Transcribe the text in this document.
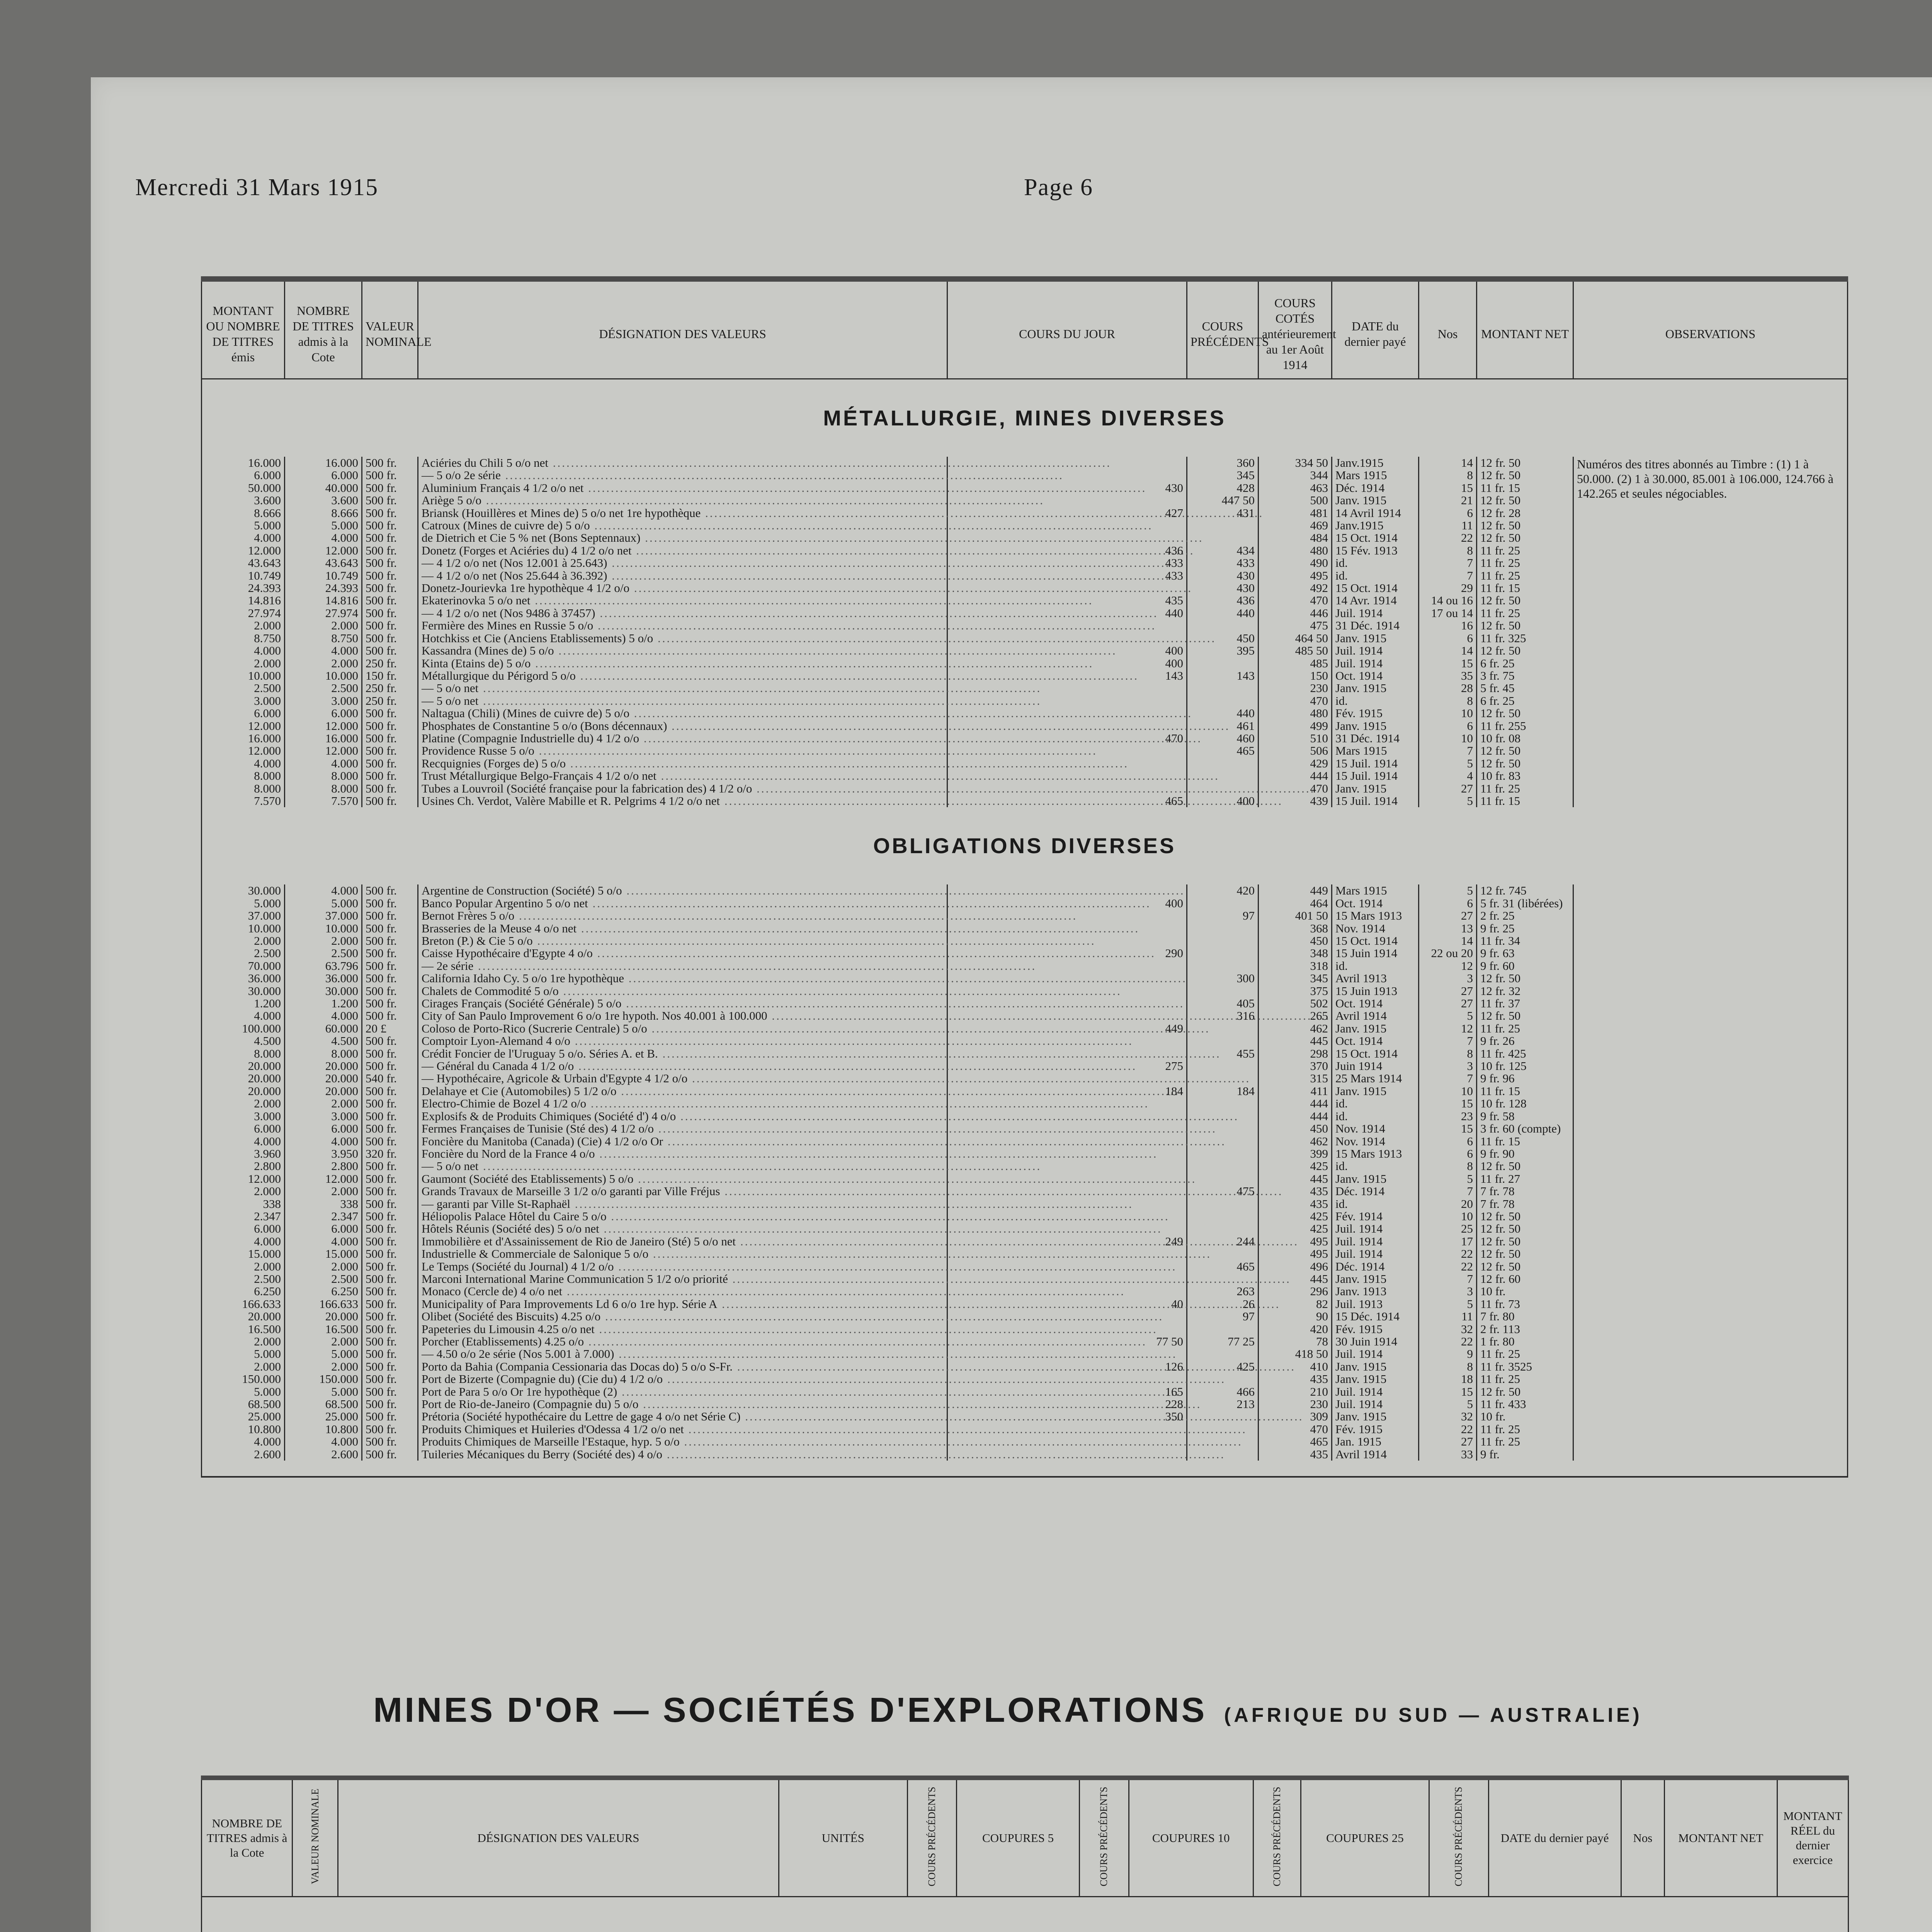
Mercredi 31 Mars 1915	Page 6
MONTANT OU NOMBRE DE TITRES émis	NOMBRE DE TITRES admis à la Cote	VALEUR NOMINALE	DÉSIGNATION DES VALEURS	COURS DU JOUR	COURS PRÉCÉDENTS	COURS COTÉS antérieurement au 1er Août 1914	DATE du dernier payé	Nos	MONTANT NET	OBSERVATIONS
MÉTALLURGIE, MINES DIVERSES										
16.000	16.000	500 fr.	Aciéries du Chili 5 o/o net .....		360	334 50	Janv.1915	14	12 fr. 50	Numéros des titres abonnés au Timbre : (1) 1 à 50.000. (2) 1 à 30.000, 85.001 à 106.000, 124.766 à 142.265 et seules négociables.
6.000	6.000	500 fr.	— 5 o/o 2e série .....		345	344	Mars 1915	8	12 fr. 50	
50.000	40.000	500 fr.	Aluminium Français 4 1/2 o/o net .....	430	428	463	Déc. 1914	15	11 fr. 15	
3.600	3.600	500 fr.	Ariège 5 o/o .....		447 50	500	Janv. 1915	21	12 fr. 50	
8.666	8.666	500 fr.	Briansk (Houillères et Mines de) 5 o/o net 1re hypothèque .....	427	431	481	14 Avril 1914	6	12 fr. 28	
5.000	5.000	500 fr.	Catroux (Mines de cuivre de) 5 o/o .....			469	Janv.1915	11	12 fr. 50	
4.000	4.000	500 fr.	de Dietrich et Cie 5 % net (Bons Septennaux) .....			484	15 Oct. 1914	22	12 fr. 50	
12.000	12.000	500 fr.	Donetz (Forges et Aciéries du) 4 1/2 o/o net .....	436	434	480	15 Fév. 1913	8	11 fr. 25	
43.643	43.643	500 fr.	— 4 1/2 o/o net (Nos 12.001 à 25.643) .....	433	433	490	id.	7	11 fr. 25	
10.749	10.749	500 fr.	— 4 1/2 o/o net (Nos 25.644 à 36.392) .....	433	430	495	id.	7	11 fr. 25	
24.393	24.393	500 fr.	Donetz-Jourievka 1re hypothèque 4 1/2 o/o .....		430	492	15 Oct. 1914	29	11 fr. 15	
14.816	14.816	500 fr.	Ekaterinovka 5 o/o net .....	435	436	470	14 Avr. 1914	14 ou 16	12 fr. 50	
27.974	27.974	500 fr.	— 4 1/2 o/o net (Nos 9486 à 37457) .....	440	440	446	Juil. 1914	17 ou 14	11 fr. 25	
2.000	2.000	500 fr.	Fermière des Mines en Russie 5 o/o .....			475	31 Déc. 1914	16	12 fr. 50	
8.750	8.750	500 fr.	Hotchkiss et Cie (Anciens Etablissements) 5 o/o .....		450	464 50	Janv. 1915	6	11 fr. 325	
4.000	4.000	500 fr.	Kassandra (Mines de) 5 o/o .....	400	395	485 50	Juil. 1914	14	12 fr. 50	
2.000	2.000	250 fr.	Kinta (Etains de) 5 o/o .....	400		485	Juil. 1914	15	6 fr. 25	
10.000	10.000	150 fr.	Métallurgique du Périgord 5 o/o .....	143	143	150	Oct. 1914	35	3 fr. 75	
2.500	2.500	250 fr.	— 5 o/o net .....			230	Janv. 1915	28	5 fr. 45	
3.000	3.000	250 fr.	— 5 o/o net .....			470	id.	8	6 fr. 25	
6.000	6.000	500 fr.	Naltagua (Chili) (Mines de cuivre de) 5 o/o .....		440	480	Fév. 1915	10	12 fr. 50	
12.000	12.000	500 fr.	Phosphates de Constantine 5 o/o (Bons décennaux) .....		461	499	Janv. 1915	6	11 fr. 255	
16.000	16.000	500 fr.	Platine (Compagnie Industrielle du) 4 1/2 o/o .....	470	460	510	31 Déc. 1914	10	10 fr. 08	
12.000	12.000	500 fr.	Providence Russe 5 o/o .....		465	506	Mars 1915	7	12 fr. 50	
4.000	4.000	500 fr.	Recquignies (Forges de) 5 o/o .....			429	15 Juil. 1914	5	12 fr. 50	
8.000	8.000	500 fr.	Trust Métallurgique Belgo-Français 4 1/2 o/o net .....			444	15 Juil. 1914	4	10 fr. 83	
8.000	8.000	500 fr.	Tubes a Louvroil (Société française pour la fabrication des) 4 1/2 o/o .....			470	Janv. 1915	27	11 fr. 25	
7.570	7.570	500 fr.	Usines Ch. Verdot, Valère Mabille et R. Pelgrims 4 1/2 o/o net .....	465	400	439	15 Juil. 1914	5	11 fr. 15	
OBLIGATIONS DIVERSES										
30.000	4.000	500 fr.	Argentine de Construction (Société) 5 o/o .....		420	449	Mars 1915	5	12 fr. 745	
5.000	5.000	500 fr.	Banco Popular Argentino 5 o/o net .....	400		464	Oct. 1914	6	5 fr. 31 (libérées)	
37.000	37.000	500 fr.	Bernot Frères 5 o/o .....		97	401 50	15 Mars 1913	27	2 fr. 25	
10.000	10.000	500 fr.	Brasseries de la Meuse 4 o/o net .....			368	Nov. 1914	13	9 fr. 25	
2.000	2.000	500 fr.	Breton (P.) & Cie 5 o/o .....			450	15 Oct. 1914	14	11 fr. 34	
2.500	2.500	500 fr.	Caisse Hypothécaire d'Egypte 4 o/o .....	290		348	15 Juin 1914	22 ou 20	9 fr. 63	
70.000	63.796	500 fr.	— 2e série .....			318	id.	12	9 fr. 60	
36.000	36.000	500 fr.	California Idaho Cy. 5 o/o 1re hypothèque .....		300	345	Avril 1913	3	12 fr. 50	
30.000	30.000	500 fr.	Chalets de Commodité 5 o/o .....			375	15 Juin 1913	27	12 fr. 32	
1.200	1.200	500 fr.	Cirages Français (Société Générale) 5 o/o .....		405	502	Oct. 1914	27	11 fr. 37	
4.000	4.000	500 fr.	City of San Paulo Improvement 6 o/o 1re hypoth. Nos 40.001 à 100.000 .....		316	265	Avril 1914	5	12 fr. 50	
100.000	60.000	20 £	Coloso de Porto-Rico (Sucrerie Centrale) 5 o/o .....	449		462	Janv. 1915	12	11 fr. 25	
4.500	4.500	500 fr.	Comptoir Lyon-Alemand 4 o/o .....			445	Oct. 1914	7	9 fr. 26	
8.000	8.000	500 fr.	Crédit Foncier de l'Uruguay 5 o/o. Séries A. et B. .....		455	298	15 Oct. 1914	8	11 fr. 425	
20.000	20.000	500 fr.	— Général du Canada 4 1/2 o/o .....	275		370	Juin 1914	3	10 fr. 125	
20.000	20.000	540 fr.	— Hypothécaire, Agricole & Urbain d'Egypte 4 1/2 o/o .....			315	25 Mars 1914	7	9 fr. 96	
20.000	20.000	500 fr.	Delahaye et Cie (Automobiles) 5 1/2 o/o .....	184	184	411	Janv. 1915	10	11 fr. 15	
2.000	2.000	500 fr.	Electro-Chimie de Bozel 4 1/2 o/o .....			444	id.	15	10 fr. 128	
3.000	3.000	500 fr.	Explosifs & de Produits Chimiques (Société d') 4 o/o .....			444	id.	23	9 fr. 58	
6.000	6.000	500 fr.	Fermes Françaises de Tunisie (Sté des) 4 1/2 o/o .....			450	Nov. 1914	15	3 fr. 60 (compte)	
4.000	4.000	500 fr.	Foncière du Manitoba (Canada) (Cie) 4 1/2 o/o Or .....			462	Nov. 1914	6	11 fr. 15	
3.960	3.950	320 fr.	Foncière du Nord de la France 4 o/o .....			399	15 Mars 1913	6	9 fr. 90	
2.800	2.800	500 fr.	— 5 o/o net .....			425	id.	8	12 fr. 50	
12.000	12.000	500 fr.	Gaumont (Société des Etablissements) 5 o/o .....			445	Janv. 1915	5	11 fr. 27	
2.000	2.000	500 fr.	Grands Travaux de Marseille 3 1/2 o/o garanti par Ville Fréjus .....		475	435	Déc. 1914	7	7 fr. 78	
338	338	500 fr.	— garanti par Ville St-Raphaël .....			435	id.	20	7 fr. 78	
2.347	2.347	500 fr.	Héliopolis Palace Hôtel du Caire 5 o/o .....			425	Fév. 1914	10	12 fr. 50	
6.000	6.000	500 fr.	Hôtels Réunis (Société des) 5 o/o net .....			425	Juil. 1914	25	12 fr. 50	
4.000	4.000	500 fr.	Immobilière et d'Assainissement de Rio de Janeiro (Sté) 5 o/o net .....	249	244	495	Juil. 1914	17	12 fr. 50	
15.000	15.000	500 fr.	Industrielle & Commerciale de Salonique 5 o/o .....			495	Juil. 1914	22	12 fr. 50	
2.000	2.000	500 fr.	Le Temps (Société du Journal) 4 1/2 o/o .....		465	496	Déc. 1914	22	12 fr. 50	
2.500	2.500	500 fr.	Marconi International Marine Communication 5 1/2 o/o priorité .....			445	Janv. 1915	7	12 fr. 60	
6.250	6.250	500 fr.	Monaco (Cercle de) 4 o/o net .....		263	296	Janv. 1913	3	10 fr.	
166.633	166.633	500 fr.	Municipality of Para Improvements Ld 6 o/o 1re hyp. Série A .....	40	26	82	Juil. 1913	5	11 fr. 73	
20.000	20.000	500 fr.	Olibet (Société des Biscuits) 4.25 o/o .....		97	90	15 Déc. 1914	11	7 fr. 80	
16.500	16.500	500 fr.	Papeteries du Limousin 4.25 o/o net .....			420	Fév. 1915	32	2 fr. 113	
2.000	2.000	500 fr.	Porcher (Etablissements) 4.25 o/o .....	77 50	77 25	78	30 Juin 1914	22	1 fr. 80	
5.000	5.000	500 fr.	— 4.50 o/o 2e série (Nos 5.001 à 7.000) .....			418 50	Juil. 1914	9	11 fr. 25	
2.000	2.000	500 fr.	Porto da Bahia (Compania Cessionaria das Docas do) 5 o/o S-Fr. .....	126	425	410	Janv. 1915	8	11 fr. 3525	
150.000	150.000	500 fr.	Port de Bizerte (Compagnie du) (Cie du) 4 1/2 o/o .....			435	Janv. 1915	18	11 fr. 25	
5.000	5.000	500 fr.	Port de Para 5 o/o Or 1re hypothèque (2) .....	165	466	210	Juil. 1914	15	12 fr. 50	
68.500	68.500	500 fr.	Port de Rio-de-Janeiro (Compagnie du) 5 o/o .....	228	213	230	Juil. 1914	5	11 fr. 433	
25.000	25.000	500 fr.	Prétoria (Société hypothécaire du Lettre de gage 4 o/o net Série C) .....	350		309	Janv. 1915	32	10 fr.	
10.800	10.800	500 fr.	Produits Chimiques et Huileries d'Odessa 4 1/2 o/o net .....			470	Fév. 1915	22	11 fr. 25	
4.000	4.000	500 fr.	Produits Chimiques de Marseille l'Estaque, hyp. 5 o/o .....			465	Jan. 1915	27	11 fr. 25	
2.600	2.600	500 fr.	Tuileries Mécaniques du Berry (Société des) 4 o/o .....			435	Avril 1914	33	9 fr.	

MINES D'OR — SOCIÉTÉS D'EXPLORATIONS (AFRIQUE DU SUD — AUSTRALIE)
NOMBRE DE TITRES admis à la Cote	VALEUR NOMINALE	DÉSIGNATION DES VALEURS	UNITÉS	COURS PRÉCÉDENTS	COUPURES 5	COURS PRÉCÉDENTS	COUPURES 10	COURS PRÉCÉDENTS	COUPURES 25	COURS PRÉCÉDENTS	DATE du dernier payé	Nos	MONTANT NET	MONTANT RÉEL du dernier exercice
